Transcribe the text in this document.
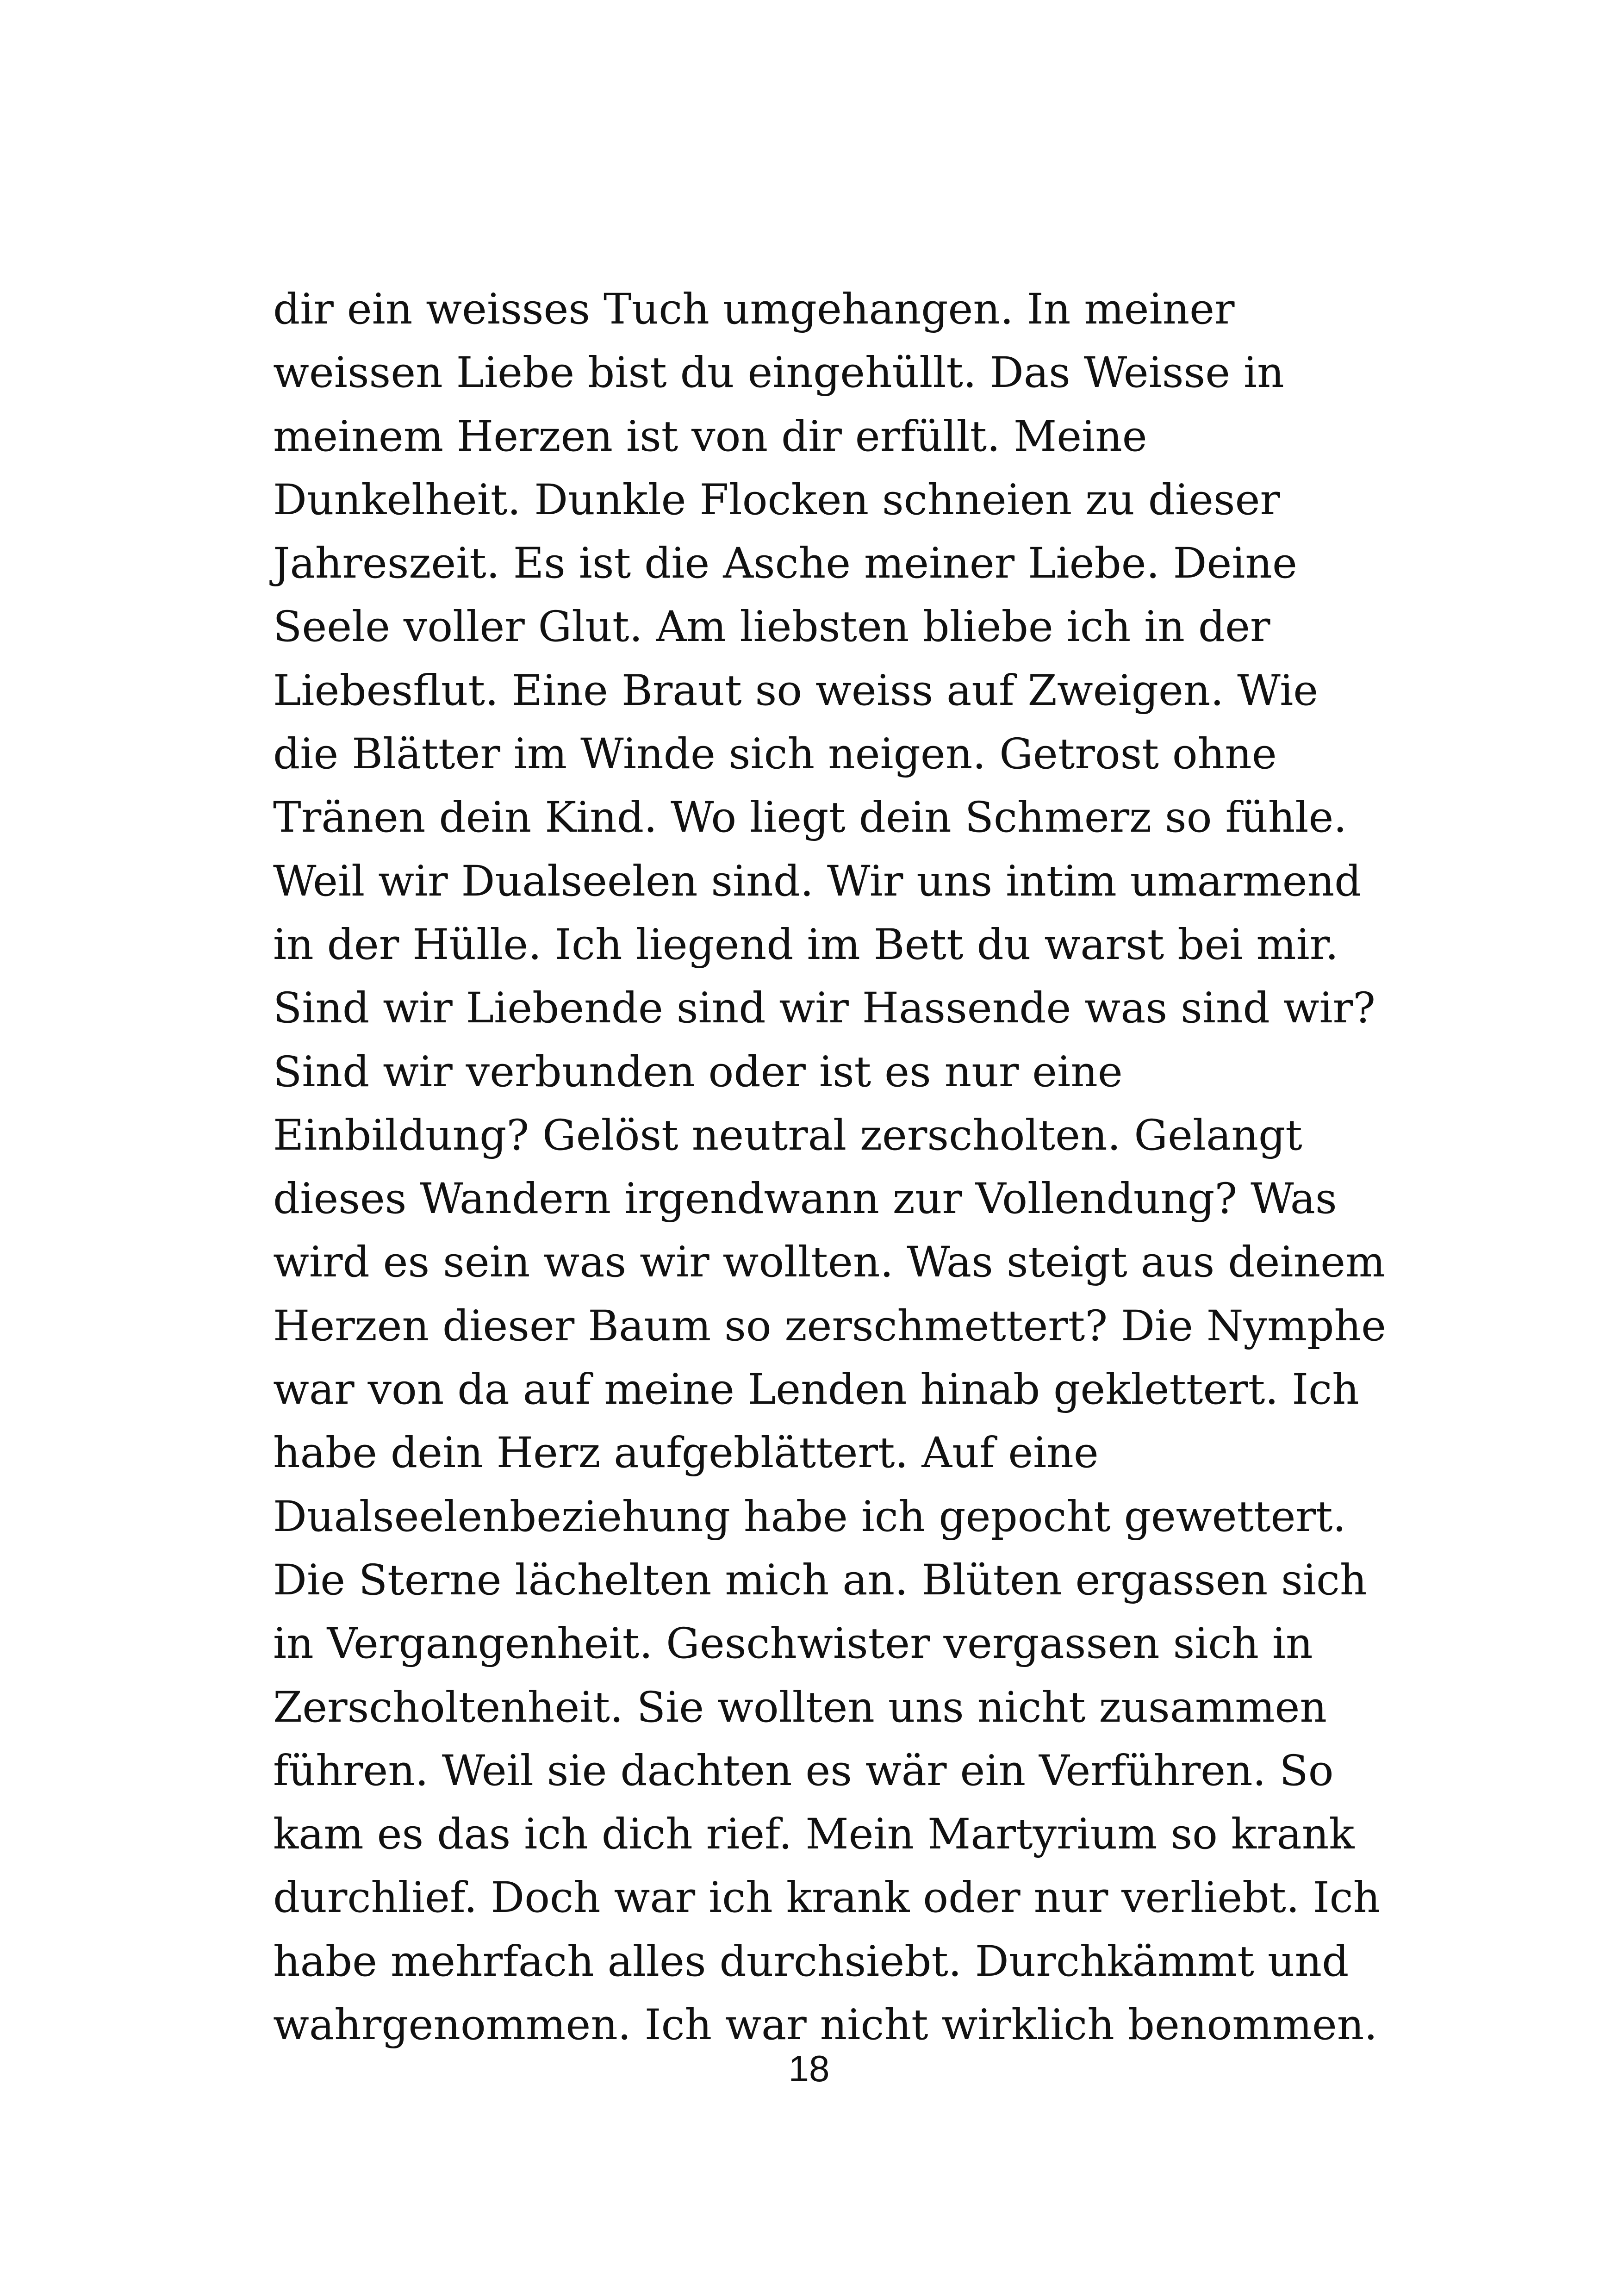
dir ein weisses Tuch umgehangen. In meiner
weissen Liebe bist du eingehüllt. Das Weisse in
meinem Herzen ist von dir erfüllt. Meine
Dunkelheit. Dunkle Flocken schneien zu dieser
Jahreszeit. Es ist die Asche meiner Liebe. Deine
Seele voller Glut. Am liebsten bliebe ich in der
Liebesflut. Eine Braut so weiss auf Zweigen. Wie
die Blätter im Winde sich neigen. Getrost ohne
Tränen dein Kind. Wo liegt dein Schmerz so fühle.
Weil wir Dualseelen sind. Wir uns intim umarmend
in der Hülle. Ich liegend im Bett du warst bei mir.
Sind wir Liebende sind wir Hassende was sind wir?
Sind wir verbunden oder ist es nur eine
Einbildung? Gelöst neutral zerscholten. Gelangt
dieses Wandern irgendwann zur Vollendung? Was
wird es sein was wir wollten. Was steigt aus deinem
Herzen dieser Baum so zerschmettert? Die Nymphe
war von da auf meine Lenden hinab geklettert. Ich
habe dein Herz aufgeblättert. Auf eine
Dualseelenbeziehung habe ich gepocht gewettert.
Die Sterne lächelten mich an. Blüten ergassen sich
in Vergangenheit. Geschwister vergassen sich in
Zerscholtenheit. Sie wollten uns nicht zusammen
führen. Weil sie dachten es wär ein Verführen. So
kam es das ich dich rief. Mein Martyrium so krank
durchlief. Doch war ich krank oder nur verliebt. Ich
habe mehrfach alles durchsiebt. Durchkämmt und
wahrgenommen. Ich war nicht wirklich benommen.
18
